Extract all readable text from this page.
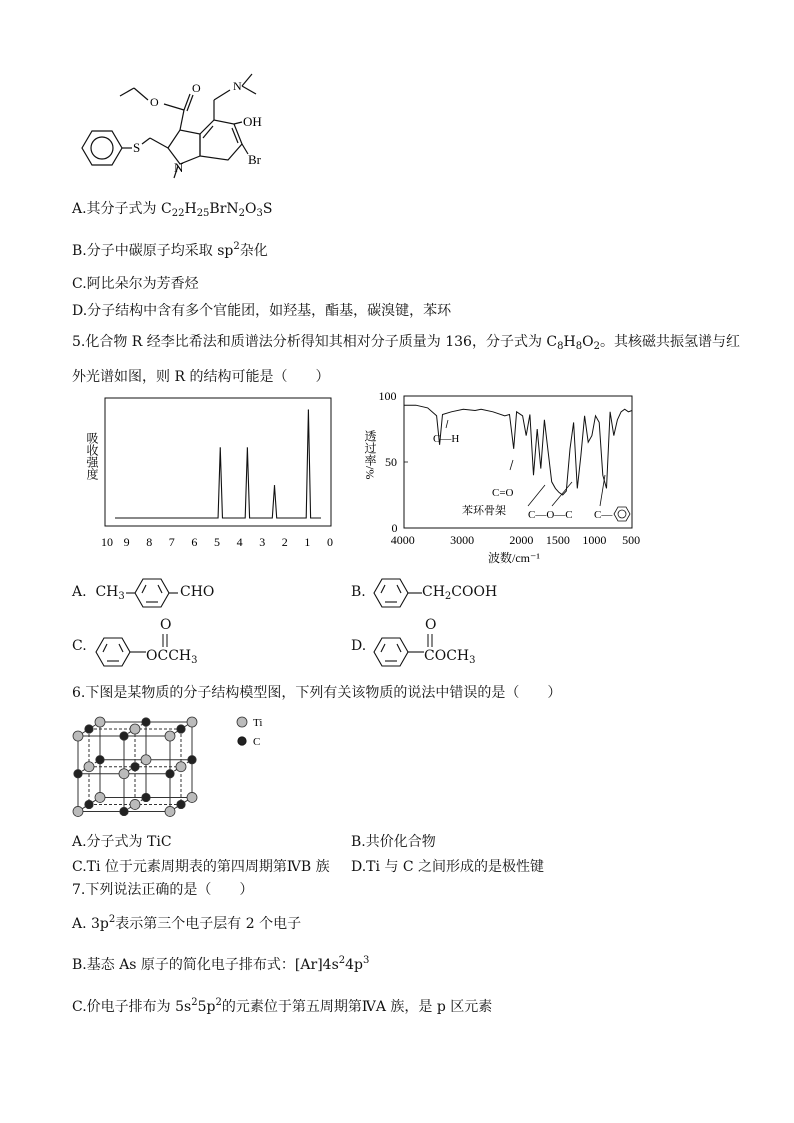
O
O
N
OH
Br
S
N
A.其分子式为 $C_{22}H_{25}BrN_2O_3S$
B.分子中碳原子均采取 $sp^2$杂化
C.阿比朵尔为芳香烃
D.分子结构中含有多个官能团，如羟基，酯基，碳溴键，苯环
5.化合物 R 经李比希法和质谱法分析得知其相对分子质量为 136，分子式为 $C_8H_8O_2$。其核磁共振氢谱与红
外光谱如图，则 R 的结构可能是（　　）
吸收强度
10 9 8 7 6 5 4 3 2 1 0
0
50
100
4000	3000	2000 1500 1000 500
透过率/%
波数/cm⁻¹
C—H
C=O
苯环骨架 C—O—C C—
A. $CH_3$	CHO	B.	$CH_2COOH$
C.
O
$OCCH_3$
D.
O
$COCH_3$
6.下图是某物质的分子结构模型图，下列有关该物质的说法中错误的是（　　）
Ti
C
A.分子式为 TiC	B.共价化合物
C.Ti 位于元素周期表的第四周期第ⅣB 族 D.Ti 与 C 之间形成的是极性键
7.下列说法正确的是（　　）
A. $3p^2$表示第三个电子层有 2 个电子
B.基态 As 原子的简化电子排布式：$[Ar]4s^24p^3$
C.价电子排布为 $5s^25p^2$的元素位于第五周期第ⅣA 族，是 p 区元素
